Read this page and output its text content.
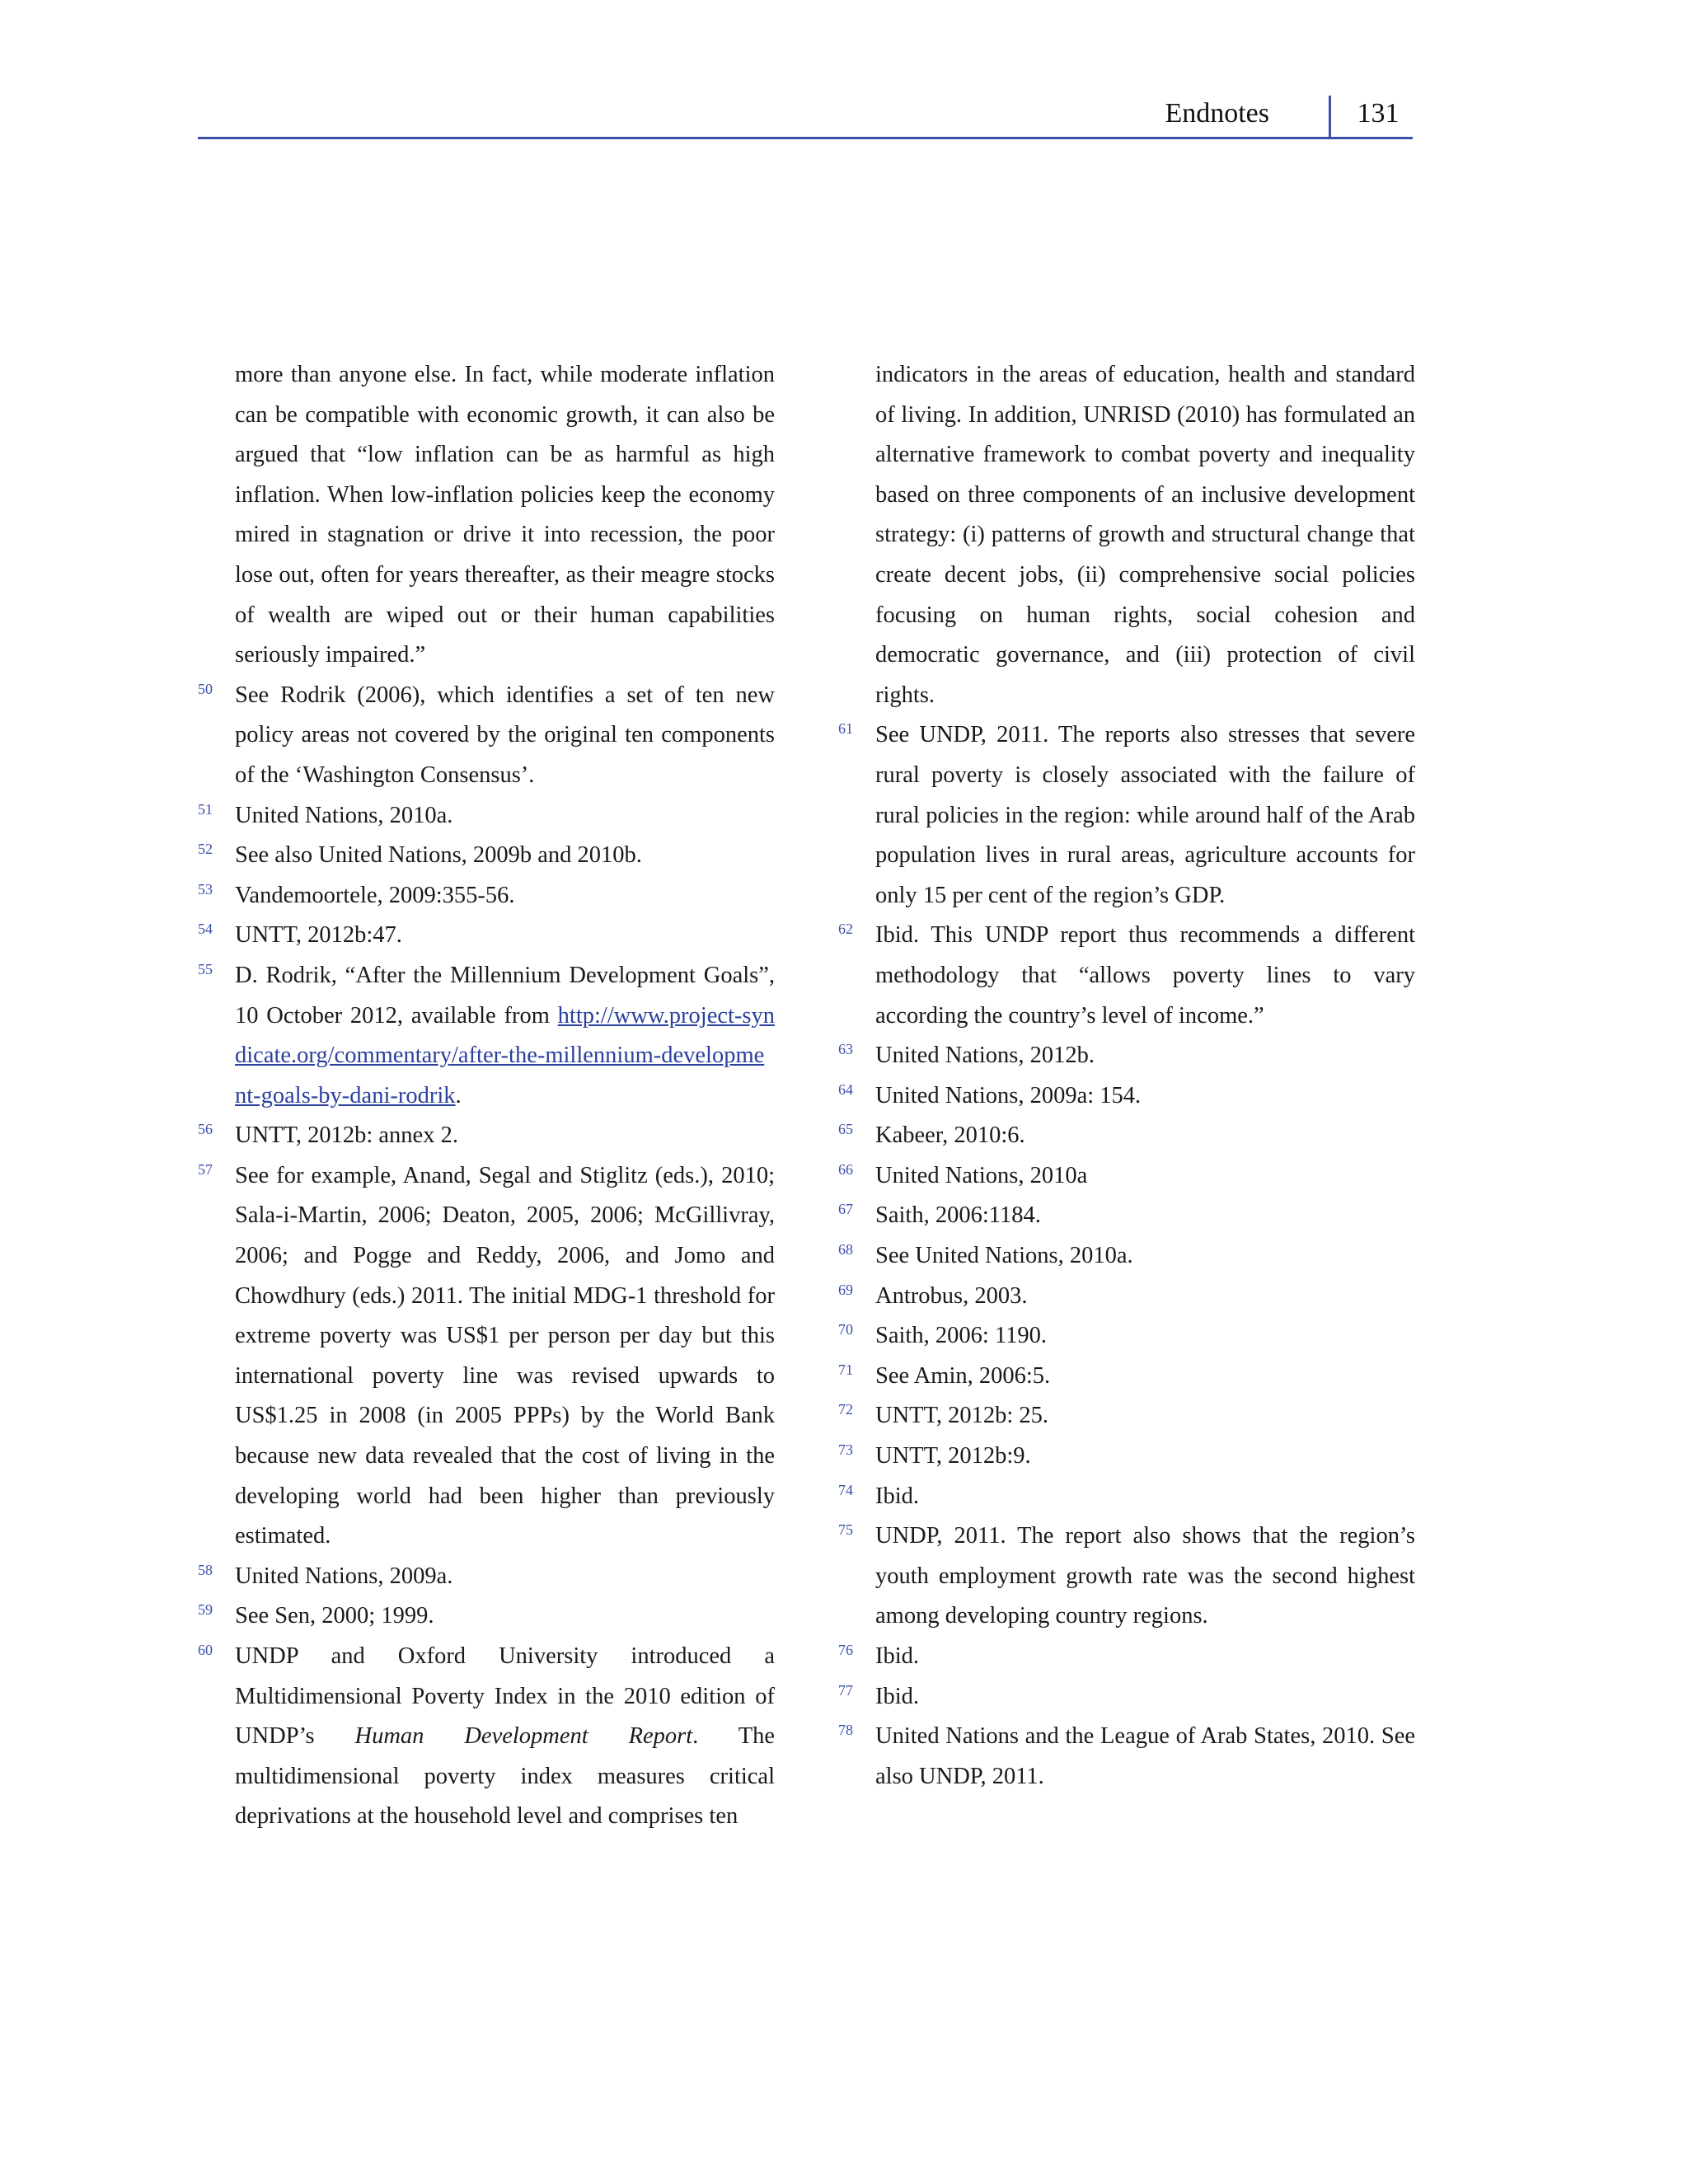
Endnotes	131
more than anyone else. In fact, while moderate inflation can be compatible with economic growth, it can also be argued that “low inflation can be as harmful as high inflation. When low-inflation policies keep the economy mired in stagnation or drive it into recession, the poor lose out, often for years thereafter, as their meagre stocks of wealth are wiped out or their human capabilities seriously impaired.”
50 See Rodrik (2006), which identifies a set of ten new policy areas not covered by the original ten components of the ‘Washington Consensus’.
51 United Nations, 2010a.
52 See also United Nations, 2009b and 2010b.
53 Vandemoortele, 2009:355-56.
54 UNTT, 2012b:47.
55 D. Rodrik, “After the Millennium Development Goals”, 10 October 2012, available from http://www.project-syndicate.org/commentary/after-the-millennium-development-goals-by-dani-rodrik.
56 UNTT, 2012b: annex 2.
57 See for example, Anand, Segal and Stiglitz (eds.), 2010; Sala-i-Martin, 2006; Deaton, 2005, 2006; McGillivray, 2006; and Pogge and Reddy, 2006, and Jomo and Chowdhury (eds.) 2011. The initial MDG-1 threshold for extreme poverty was US$1 per person per day but this international poverty line was revised upwards to US$1.25 in 2008 (in 2005 PPPs) by the World Bank because new data revealed that the cost of living in the developing world had been higher than previously estimated.
58 United Nations, 2009a.
59 See Sen, 2000; 1999.
60 UNDP and Oxford University introduced a Multidimensional Poverty Index in the 2010 edition of UNDP’s Human Development Report. The multidimensional poverty index measures critical deprivations at the household level and comprises ten
indicators in the areas of education, health and standard of living. In addition, UNRISD (2010) has formulated an alternative framework to combat poverty and inequality based on three components of an inclusive development strategy: (i) patterns of growth and structural change that create decent jobs, (ii) comprehensive social policies focusing on human rights, social cohesion and democratic governance, and (iii) protection of civil rights.
61 See UNDP, 2011. The reports also stresses that severe rural poverty is closely associated with the failure of rural policies in the region: while around half of the Arab population lives in rural areas, agriculture accounts for only 15 per cent of the region’s GDP.
62 Ibid. This UNDP report thus recommends a different methodology that “allows poverty lines to vary according the country’s level of income.”
63 United Nations, 2012b.
64 United Nations, 2009a: 154.
65 Kabeer, 2010:6.
66 United Nations, 2010a
67 Saith, 2006:1184.
68 See United Nations, 2010a.
69 Antrobus, 2003.
70 Saith, 2006: 1190.
71 See Amin, 2006:5.
72 UNTT, 2012b: 25.
73 UNTT, 2012b:9.
74 Ibid.
75 UNDP, 2011. The report also shows that the region’s youth employment growth rate was the second highest among developing country regions.
76 Ibid.
77 Ibid.
78 United Nations and the League of Arab States, 2010. See also UNDP, 2011.
